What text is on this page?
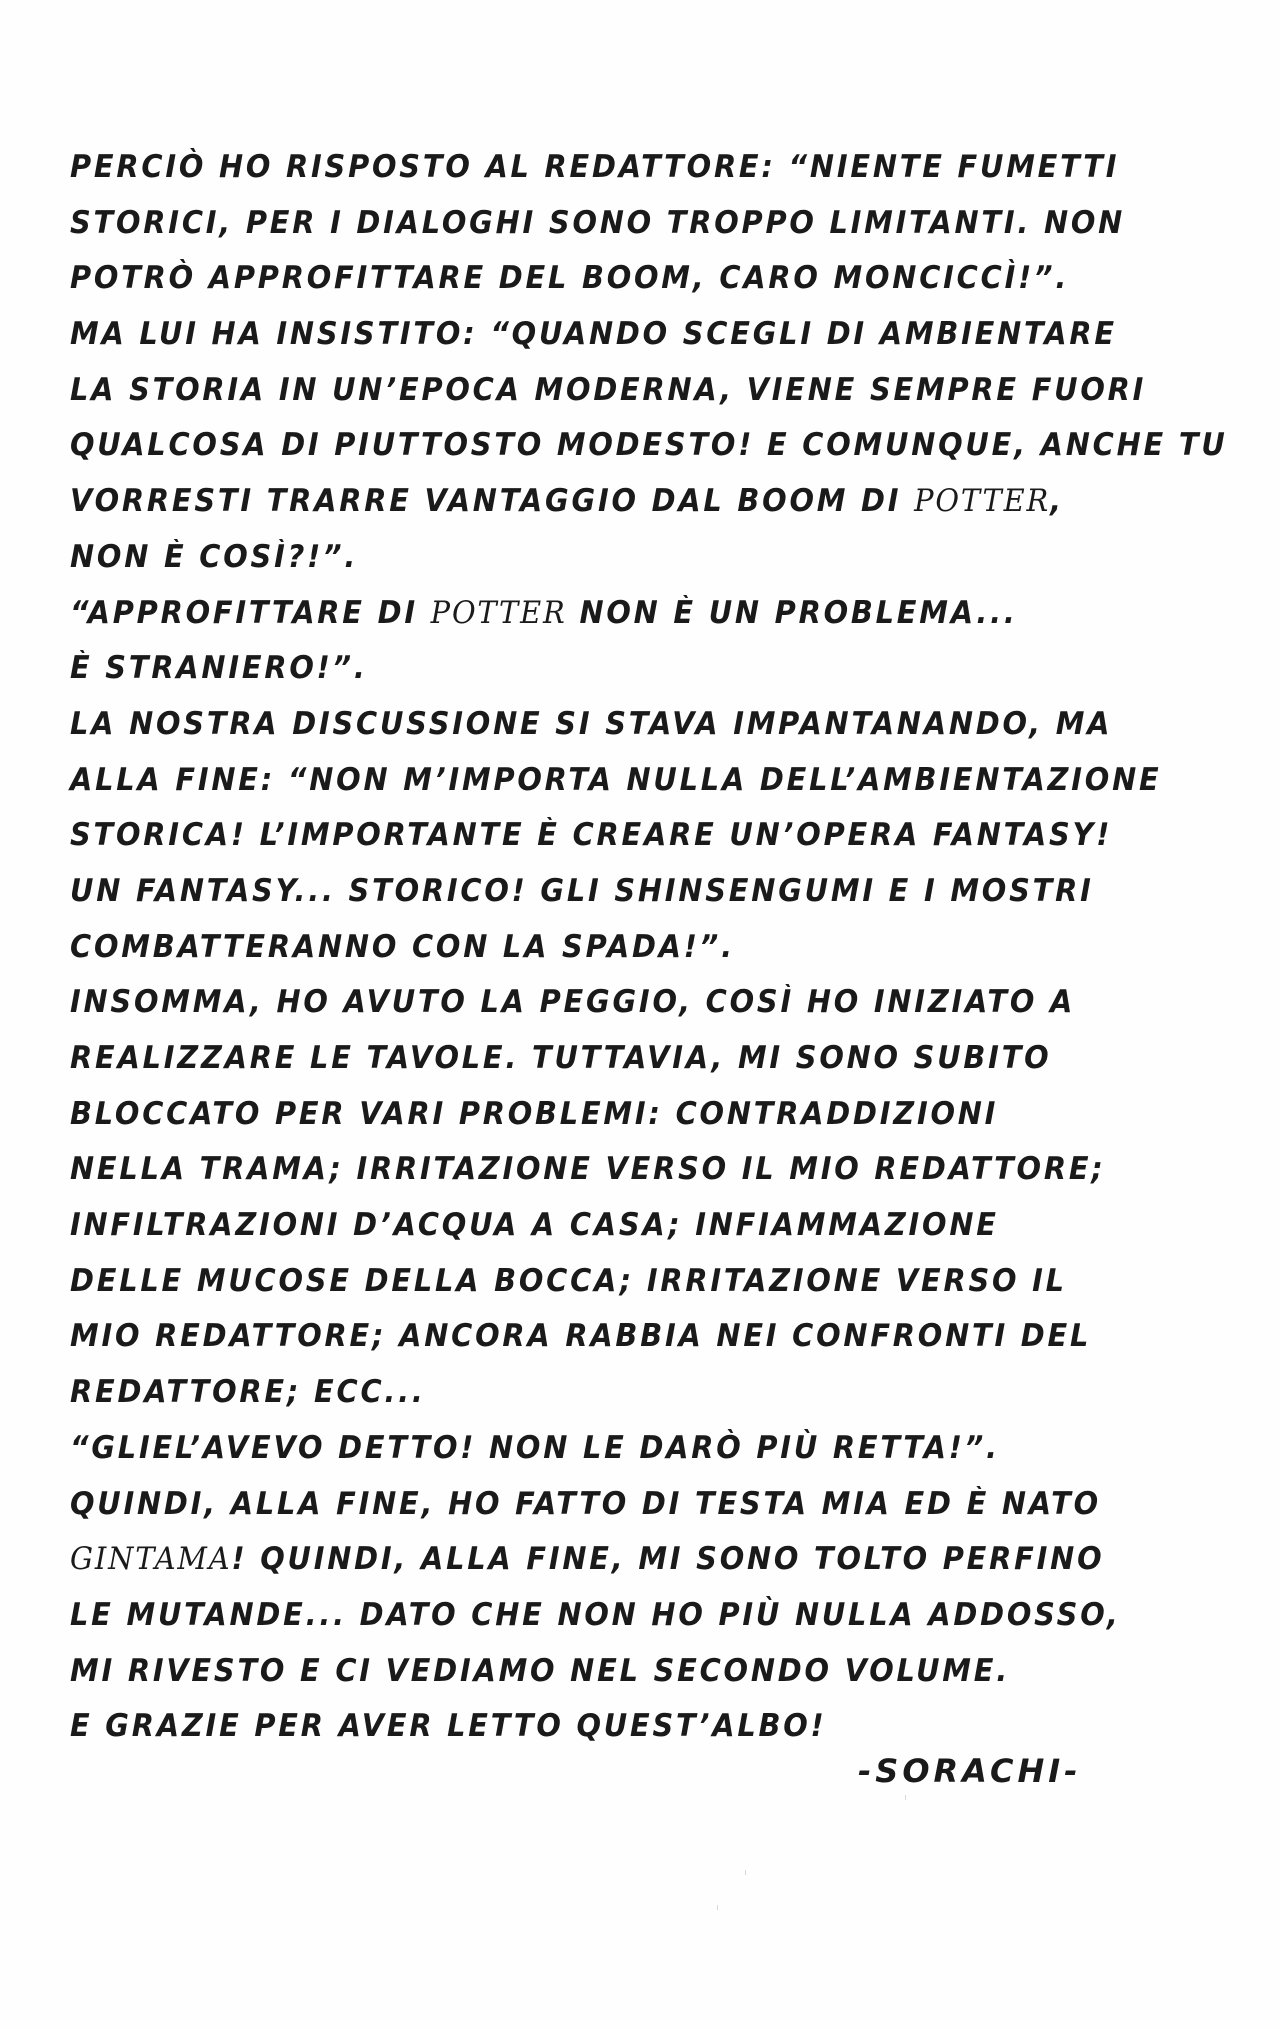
PERCIÒ HO RISPOSTO AL REDATTORE: “NIENTE FUMETTI
STORICI, PER I DIALOGHI SONO TROPPO LIMITANTI. NON
POTRÒ APPROFITTARE DEL BOOM, CARO MONCICCÌ!”.
MA LUI HA INSISTITO: “QUANDO SCEGLI DI AMBIENTARE
LA STORIA IN UN’EPOCA MODERNA, VIENE SEMPRE FUORI
QUALCOSA DI PIUTTOSTO MODESTO! E COMUNQUE, ANCHE TU
VORRESTI TRARRE VANTAGGIO DAL BOOM DI POTTER,
NON È COSÌ?!”.
“APPROFITTARE DI POTTER NON È UN PROBLEMA...
È STRANIERO!”.
LA NOSTRA DISCUSSIONE SI STAVA IMPANTANANDO, MA
ALLA FINE: “NON M’IMPORTA NULLA DELL’AMBIENTAZIONE
STORICA! L’IMPORTANTE È CREARE UN’OPERA FANTASY!
UN FANTASY... STORICO! GLI SHINSENGUMI E I MOSTRI
COMBATTERANNO CON LA SPADA!”.
INSOMMA, HO AVUTO LA PEGGIO, COSÌ HO INIZIATO A
REALIZZARE LE TAVOLE. TUTTAVIA, MI SONO SUBITO
BLOCCATO PER VARI PROBLEMI: CONTRADDIZIONI
NELLA TRAMA; IRRITAZIONE VERSO IL MIO REDATTORE;
INFILTRAZIONI D’ACQUA A CASA; INFIAMMAZIONE
DELLE MUCOSE DELLA BOCCA; IRRITAZIONE VERSO IL
MIO REDATTORE; ANCORA RABBIA NEI CONFRONTI DEL
REDATTORE; ECC...
“GLIEL’AVEVO DETTO! NON LE DARÒ PIÙ RETTA!”.
QUINDI, ALLA FINE, HO FATTO DI TESTA MIA ED È NATO
GINTAMA! QUINDI, ALLA FINE, MI SONO TOLTO PERFINO
LE MUTANDE... DATO CHE NON HO PIÙ NULLA ADDOSSO,
MI RIVESTO E CI VEDIAMO NEL SECONDO VOLUME.
E GRAZIE PER AVER LETTO QUEST’ALBO!
-SORACHI-
